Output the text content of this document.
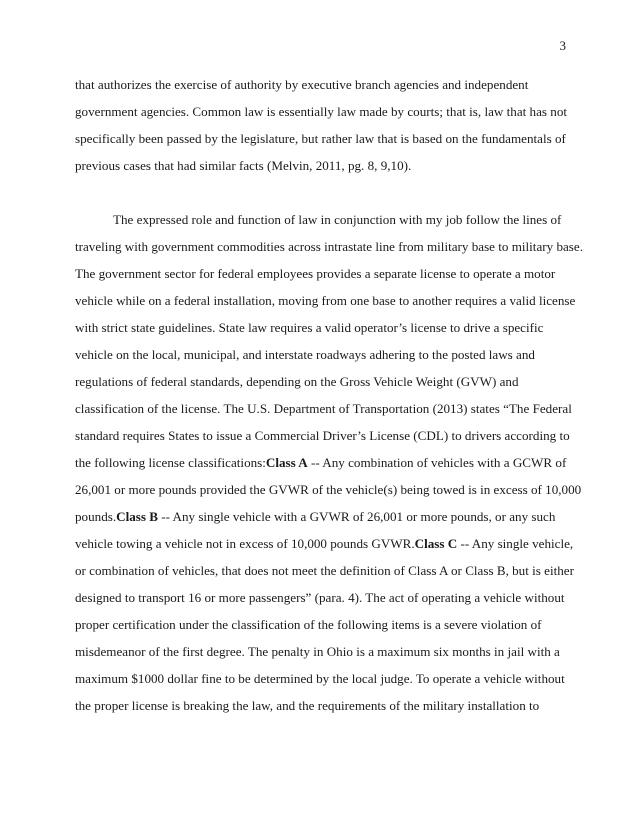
3
that authorizes the exercise of authority by executive branch agencies and independent
government agencies. Common law is essentially law made by courts; that is, law that has not
specifically been passed by the legislature, but rather law that is based on the fundamentals of
previous cases that had similar facts (Melvin, 2011, pg. 8, 9,10).
The expressed role and function of law in conjunction with my job follow the lines of
traveling with government commodities across intrastate line from military base to military base.
The government sector for federal employees provides a separate license to operate a motor
vehicle while on a federal installation, moving from one base to another requires a valid license
with strict state guidelines. State law requires a valid operator’s license to drive a specific
vehicle on the local, municipal, and interstate roadways adhering to the posted laws and
regulations of federal standards, depending on the Gross Vehicle Weight (GVW) and
classification of the license. The U.S. Department of Transportation (2013) states “The Federal
standard requires States to issue a Commercial Driver’s License (CDL) to drivers according to
the following license classifications:Class A -- Any combination of vehicles with a GCWR of
26,001 or more pounds provided the GVWR of the vehicle(s) being towed is in excess of 10,000
pounds.Class B -- Any single vehicle with a GVWR of 26,001 or more pounds, or any such
vehicle towing a vehicle not in excess of 10,000 pounds GVWR.Class C -- Any single vehicle,
or combination of vehicles, that does not meet the definition of Class A or Class B, but is either
designed to transport 16 or more passengers” (para. 4). The act of operating a vehicle without
proper certification under the classification of the following items is a severe violation of
misdemeanor of the first degree. The penalty in Ohio is a maximum six months in jail with a
maximum $1000 dollar fine to be determined by the local judge. To operate a vehicle without
the proper license is breaking the law, and the requirements of the military installation to
